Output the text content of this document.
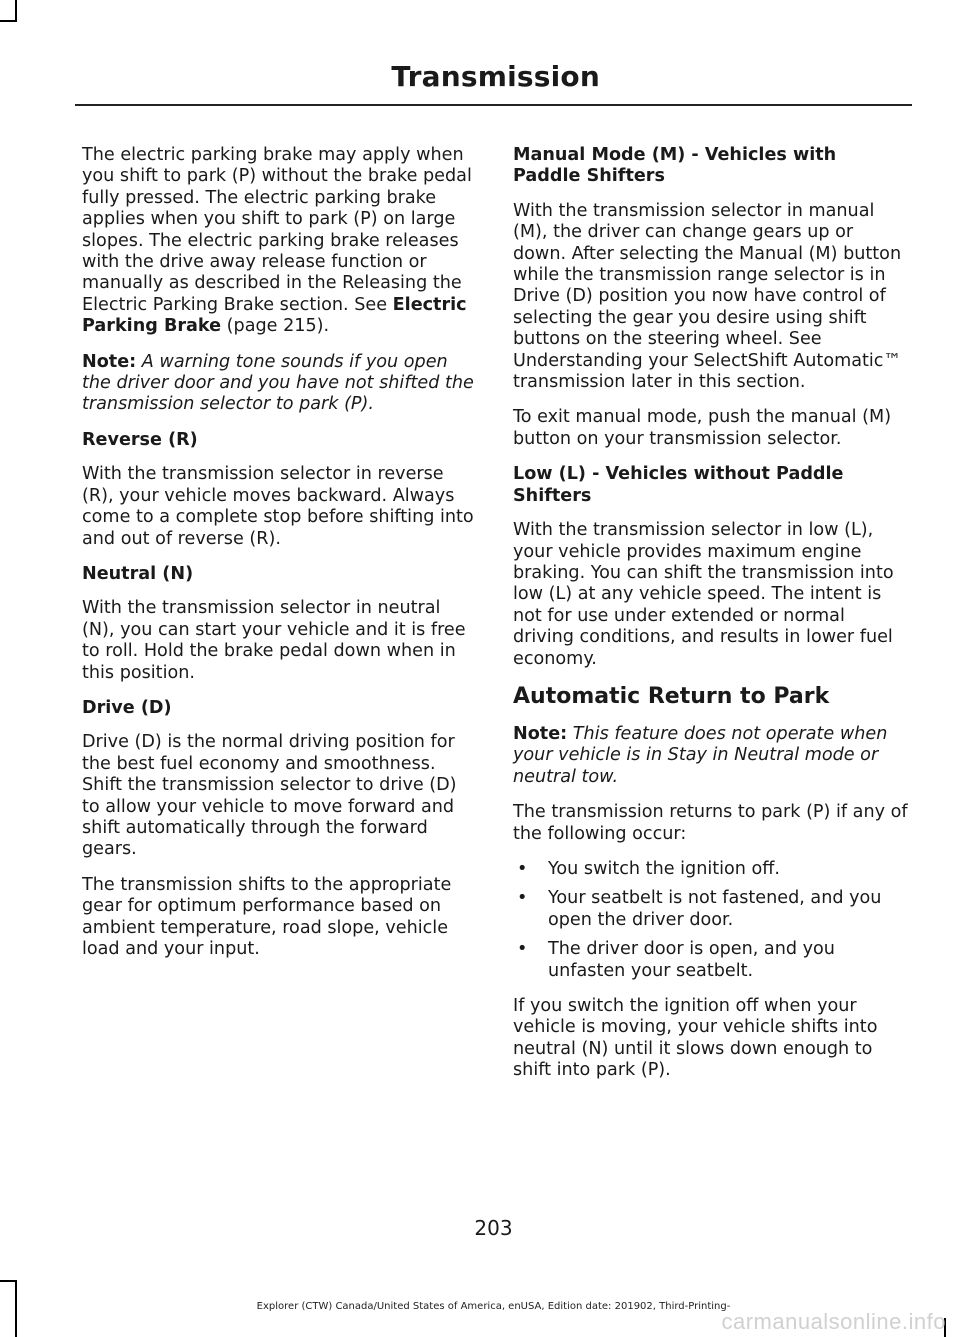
Transmission

The electric parking brake may apply when you shift to park (P) without the brake pedal fully pressed. The electric parking brake applies when you shift to park (P) on large slopes. The electric parking brake releases with the drive away release function or manually as described in the Releasing the Electric Parking Brake section. See Electric Parking Brake (page 215).

Note: A warning tone sounds if you open the driver door and you have not shifted the transmission selector to park (P).

Reverse (R)

With the transmission selector in reverse (R), your vehicle moves backward. Always come to a complete stop before shifting into and out of reverse (R).

Neutral (N)

With the transmission selector in neutral (N), you can start your vehicle and it is free to roll. Hold the brake pedal down when in this position.

Drive (D)

Drive (D) is the normal driving position for the best fuel economy and smoothness. Shift the transmission selector to drive (D) to allow your vehicle to move forward and shift automatically through the forward gears.

The transmission shifts to the appropriate gear for optimum performance based on ambient temperature, road slope, vehicle load and your input.

Manual Mode (M) - Vehicles with Paddle Shifters

With the transmission selector in manual (M), the driver can change gears up or down. After selecting the Manual (M) button while the transmission range selector is in Drive (D) position you now have control of selecting the gear you desire using shift buttons on the steering wheel. See Understanding your SelectShift Automatic™ transmission later in this section.

To exit manual mode, push the manual (M) button on your transmission selector.

Low (L) - Vehicles without Paddle Shifters

With the transmission selector in low (L), your vehicle provides maximum engine braking. You can shift the transmission into low (L) at any vehicle speed. The intent is not for use under extended or normal driving conditions, and results in lower fuel economy.

Automatic Return to Park

Note: This feature does not operate when your vehicle is in Stay in Neutral mode or neutral tow.

The transmission returns to park (P) if any of the following occur:

• You switch the ignition off.
• Your seatbelt is not fastened, and you open the driver door.
• The driver door is open, and you unfasten your seatbelt.

If you switch the ignition off when your vehicle is moving, your vehicle shifts into neutral (N) until it slows down enough to shift into park (P).

203
Explorer (CTW) Canada/United States of America, enUSA, Edition date: 201902, Third-Printing-
carmanualsonline.info
